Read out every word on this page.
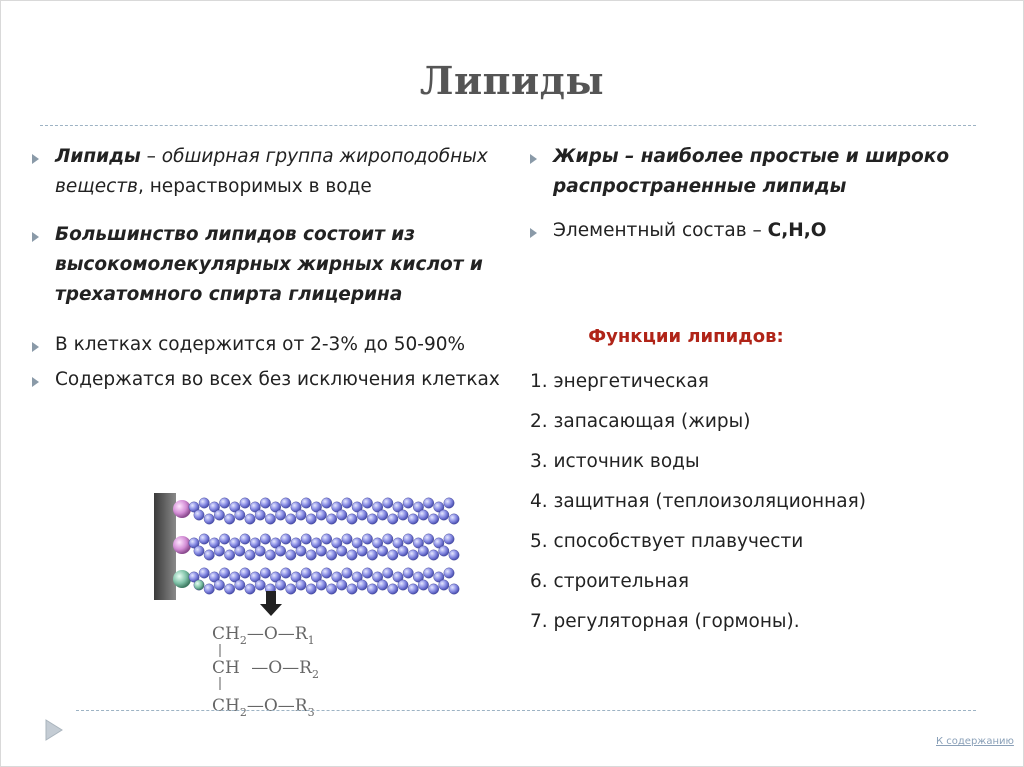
Липиды
Липиды – обширная группа жироподобных веществ, нерастворимых в воде
Большинство липидов состоит из высокомолекулярных жирных кислот и трехатомного спирта глицерина
В клетках содержится от 2-3% до 50-90%
Содержатся во всех без исключения клетках
Жиры – наиболее простые и широко распространенные липиды
Элементный состав – C,H,O
Функции липидов:
1. энергетическая
2. запасающая (жиры)
3. источник воды
4. защитная (теплоизоляционная)
5. способствует плавучести
6. строительная
7. регуляторная (гормоны).
$CH_2—O—R_1$
CH $—O—R_2$
$CH_2—O—R_3$
К содержанию
